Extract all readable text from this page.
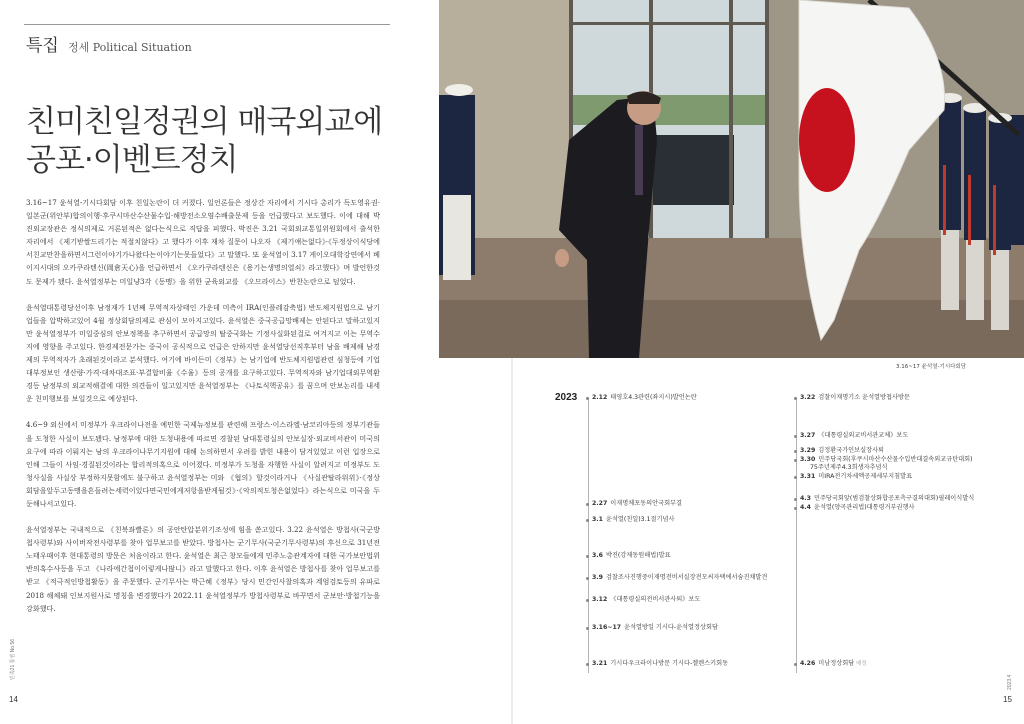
특집 정세 Political Situation
친미친일정권의 매국외교에
공포·이벤트정치

3.16~17 윤석열-기시다회담 이후 친일논란이 더 커졌다. 일언론들은 정상간 자리에서 기시다 총리가 독도영유권·일본군(위안부)합의이행·후쿠시마산수산물수입·해방전소오염수배출문제 등을 언급했다고 보도했다. 이에 대해 박진외교장관은 정식의제로 거론된적은 없다는식으로 직답을 피했다. 박진은 3.21 국회외교통일위원회에서 출석한 자리에서 《제기받쌀드리기는 적절치않다》고 했다가 이후 재차 질문이 나오자 《제기얘는없다》·《두정상이식당에서친교만찬을하면서그런이야기가나왔다는이야기는못들었다》고 말했다. 또 윤석열이 3.17 게이오대학강연에서 베이지시대의 오카쿠라텐신(岡倉天心)을 언급하면서 《오카쿠라텐신은《용기는생명의열쇠》라고했다》며 발언한것도 문제가 됐다. 윤석열정부는 미일냥3각《동맹》을 위한 균육외교를 《오므라이스》반찬논란으로 덮었다.

윤석열대통령당선이후 남정재가 1년째 무역적자상태인 가운데 미측이 IRA(인플레감축법) 반도체지원법으로 남기업들을 압박하고있어 4월 정상회담의제로 관심이 모아지고있다. 윤석열은 중국공급망배제는 안된다고 말하고있지만 윤석열정부가 미일중심의 안보정책을 추구하면서 공급망의 탈중국화는 기정사실화된걸로 여겨지고 이는 무역수지에 영향을 주고있다. 한경제전문가는 중국이 공식적으로 언급은 안하지만 윤석열당선직후부터 남을 배제해 남경제의 무역적자가 초래된것이라고 분석했다. 여기에 바이든미《정부》는 남기업에 반도체지원법관련 심청등에 기업대부정보인 생산량·가격·대차대조표·부결합비율《수율》등의 공개를 요구하고있다. 무역적자와 남기업대외무역환경등 남정부의 외교적해결에 대한 의견들이 일고있지만 윤석열정부는 《나토식핵공유》를 꿈으며 안보논리를 내세운 친미행보를 보일것으로 예상된다.

4.6~9 외신에서 미정부가 우크라이나전을 예민한 국제뉴정보를 관련해 프랑스·이스라엘·남코리아등의 정부기관들을 도청한 사실이 보도됐다. 남정부에 대한 도청내용에 따르면 경찰된 남대통령실의 안보실장·외교비서관이 미국의 요구에 따라 이뤄지는 남의 우크라이나무기지원에 대해 논의하면서 우려를 밝힌 내용이 담겨있었고 이런 입장으로 인해 그들이 사임·경질된것이라는 합리적의혹으로 이어졌다. 미정부가 도청을 자행한 사실이 알려지고 미정부도 도청사실을 사실상 부정하지못함에도 불구하고 윤석열정부는 미와 《협의》할것이라거나 《사실관탈라워위》·《정상회담을앞두고동맹을흔들려는세력이있다면국민에게저항을받게될것》·《악의적도청은없었다》라는식으로 미국을 두둔해나서고있다.

윤석열정부는 국내적으로 《친북좌빨론》의 공안탄압분위기조성에 힘을 쏟고있다. 3.22 윤석열은 방첩사(국군방첩사령부)와 사이버작전사령부를 찾아 업무보고를 받았다. 방첩사는 군기무사(국군기무사령부)의 후신으로 31년전 노태우때이후 현대통령의 방문은 처음이라고 한다. 윤석열은 최근 창모들에게 민주노총관계자에 대한 국가보안법위반의혹수사등을 두고 《나라에간첩이이렇게나많니》라고 말했다고 한다. 이후 윤석열은 방첩사를 찾아 업무보고를 받고 《적극적인방첩활동》을 주문했다. 군기무사는 박근혜《정부》당시 민간인사찰의혹과 계엄검토등의 유파로 2018 해체돼 인보지원사로 명칭을 변경했다가 2022.11 윤석열정부가 방첩사령부로 바꾸면서 군보안·방첩기능을 강화했다.

민족21 통권 No.56
14
3.16~17 윤석열-기시다회담
2023 2.12 태영호4.3관련(좌지시)발언논란
2.27 이재명체포동의안국회부결
3.1 윤석열(친일)3.1절기념사
3.6 박진(강제동원해법)발표
3.9 검찰조사진행중이재명전비서실장전모씨자택에서숨진채발견
3.12 《대통령실의전비서관사퇴》보도
3.16~17 윤석열방일 기시다-윤석열정상회담
3.21 기시다우크라이나방문 기시다-젤렌스키회동
3.22 검찰이재명기소 윤석열방첩사방문
3.27 《대통령실외교비서관교체》보도
3.29 김정환국가인보실장사퇴
3.30 민주당국회(후쿠시마산수산물수입반대결속외교규탄대회)
75주년제주4.3희생자추념식
3.31 미IRA전기차세액공제세부지침발표
4.3 민주당국회앞(범검찰상화합공포측구결의대회)필레이식발식
4.4 윤석열(양곡관리법)대통령거부권행사
4.26 미남정상회담 예정
2023.4
15
